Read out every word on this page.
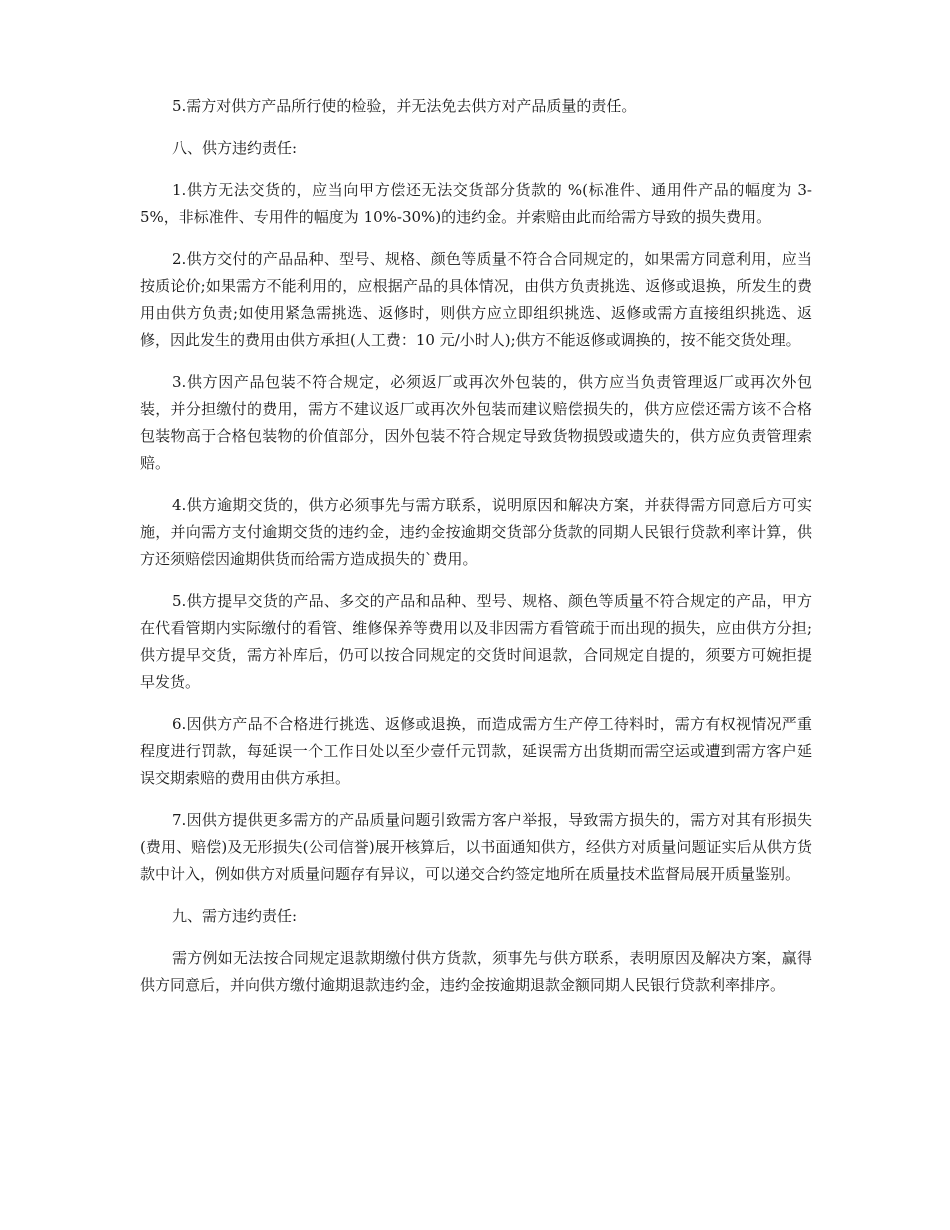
5.需方对供方产品所行使的检验，并无法免去供方对产品质量的责任。

八、供方违约责任:

1.供方无法交货的，应当向甲方偿还无法交货部分货款的 %(标准件、通用件产品的幅度为 3-5%，非标准件、专用件的幅度为 10%-30%)的违约金。并索赔由此而给需方导致的损失费用。

2.供方交付的产品品种、型号、规格、颜色等质量不符合合同规定的，如果需方同意利用，应当按质论价;如果需方不能利用的，应根据产品的具体情况，由供方负责挑选、返修或退换，所发生的费用由供方负责;如使用紧急需挑选、返修时，则供方应立即组织挑选、返修或需方直接组织挑选、返修，因此发生的费用由供方承担(人工费：10 元/小时人);供方不能返修或调换的，按不能交货处理。

3.供方因产品包装不符合规定，必须返厂或再次外包装的，供方应当负责管理返厂或再次外包装，并分担缴付的费用，需方不建议返厂或再次外包装而建议赔偿损失的，供方应偿还需方该不合格包装物高于合格包装物的价值部分，因外包装不符合规定导致货物损毁或遗失的，供方应负责管理索赔。

4.供方逾期交货的，供方必须事先与需方联系，说明原因和解决方案，并获得需方同意后方可实施，并向需方支付逾期交货的违约金，违约金按逾期交货部分货款的同期人民银行贷款利率计算，供方还须赔偿因逾期供货而给需方造成损失的`费用。

5.供方提早交货的产品、多交的产品和品种、型号、规格、颜色等质量不符合规定的产品，甲方在代看管期内实际缴付的看管、维修保养等费用以及非因需方看管疏于而出现的损失，应由供方分担;供方提早交货，需方补库后，仍可以按合同规定的交货时间退款，合同规定自提的，须要方可婉拒提早发货。

6.因供方产品不合格进行挑选、返修或退换，而造成需方生产停工待料时，需方有权视情况严重程度进行罚款，每延误一个工作日处以至少壹仟元罚款，延误需方出货期而需空运或遭到需方客户延误交期索赔的费用由供方承担。

7.因供方提供更多需方的产品质量问题引致需方客户举报，导致需方损失的，需方对其有形损失(费用、赔偿)及无形损失(公司信誉)展开核算后，以书面通知供方，经供方对质量问题证实后从供方货款中计入，例如供方对质量问题存有异议，可以递交合约签定地所在质量技术监督局展开质量鉴别。

九、需方违约责任:

需方例如无法按合同规定退款期缴付供方货款，须事先与供方联系，表明原因及解决方案，赢得供方同意后，并向供方缴付逾期退款违约金，违约金按逾期退款金额同期人民银行贷款利率排序。
